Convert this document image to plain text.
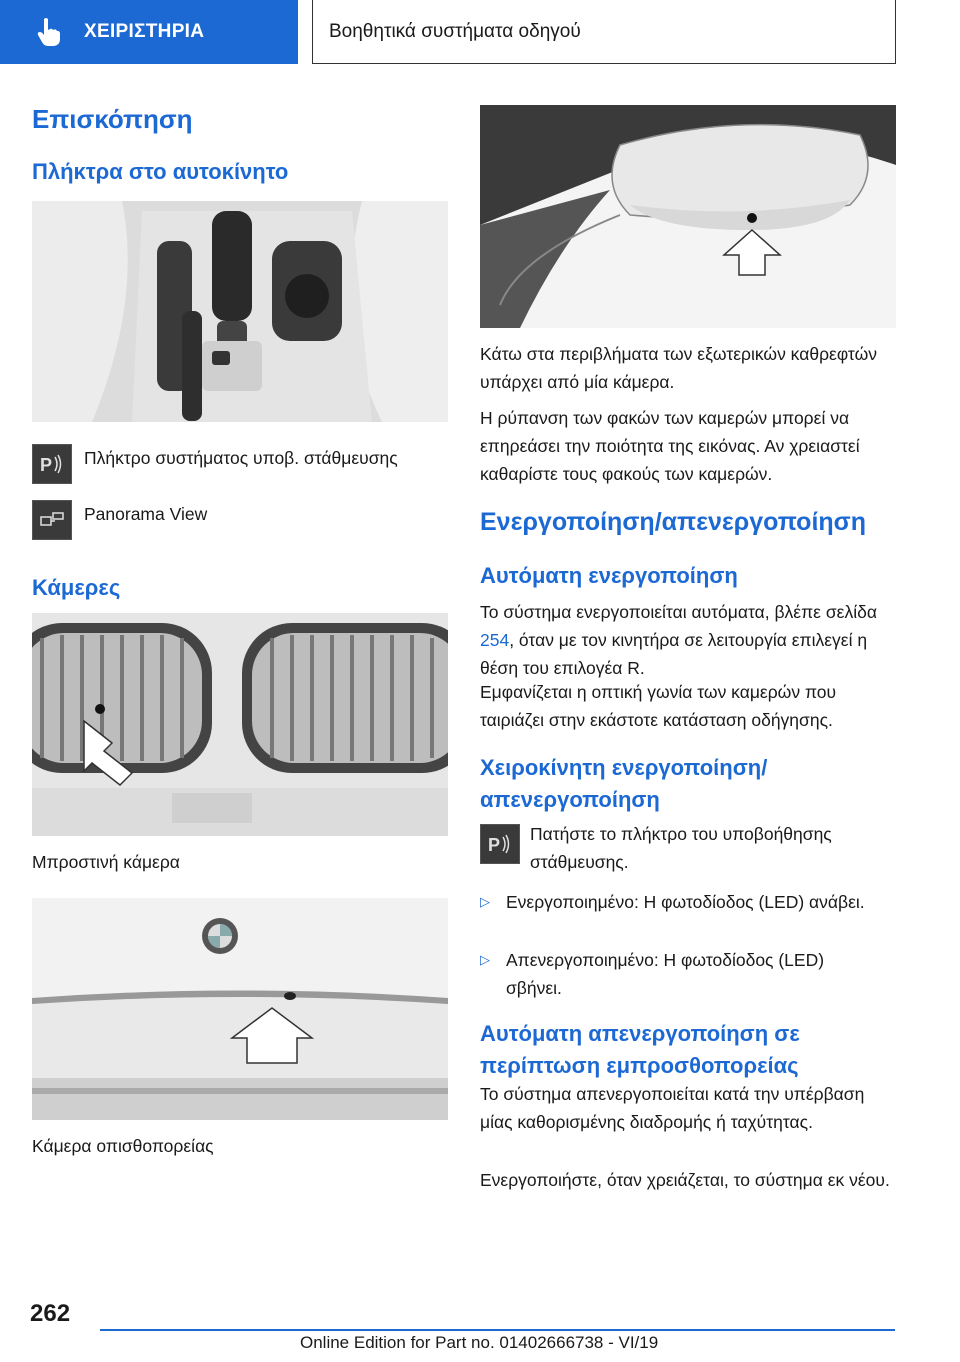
ΧΕΙΡΙΣΤΗΡΙΑ	Βοηθητικά συστήματα οδηγού
Επισκόπηση
Πλήκτρα στο αυτοκίνητο
P Πλήκτρο συστήματος υποβ. στάθμευσης
Panorama View
Κάμερες
Μπροστινή κάμερα
Κάμερα οπισθοπορείας
Κάτω στα περιβλήματα των εξωτερικών καθρεφτών υπάρχει από μία κάμερα.
Η ρύπανση των φακών των καμερών μπορεί να επηρεάσει την ποιότητα της εικόνας. Αν χρειαστεί καθαρίστε τους φακούς των καμερών.
Ενεργοποίηση/απενεργοποίηση
Αυτόματη ενεργοποίηση
Το σύστημα ενεργοποιείται αυτόματα, βλέπε σελίδα 254, όταν με τον κινητήρα σε λειτουργία επιλεγεί η θέση του επιλογέα R.
Εμφανίζεται η οπτική γωνία των καμερών που ταιριάζει στην εκάστοτε κατάσταση οδήγησης.
Χειροκίνητη ενεργοποίηση/απενεργοποίηση
P
Πατήστε το πλήκτρο του υποβοήθησης στάθμευσης.
▷ Ενεργοποιημένο: Η φωτοδίοδος (LED) ανάβει.
▷ Απενεργοποιημένο: Η φωτοδίοδος (LED) σβήνει.
Αυτόματη απενεργοποίηση σε περίπτωση εμπροσθοπορείας
Το σύστημα απενεργοποιείται κατά την υπέρβαση μίας καθορισμένης διαδρομής ή ταχύτητας.
Ενεργοποιήστε, όταν χρειάζεται, το σύστημα εκ νέου.
262
Online Edition for Part no. 01402666738 - VI/19
